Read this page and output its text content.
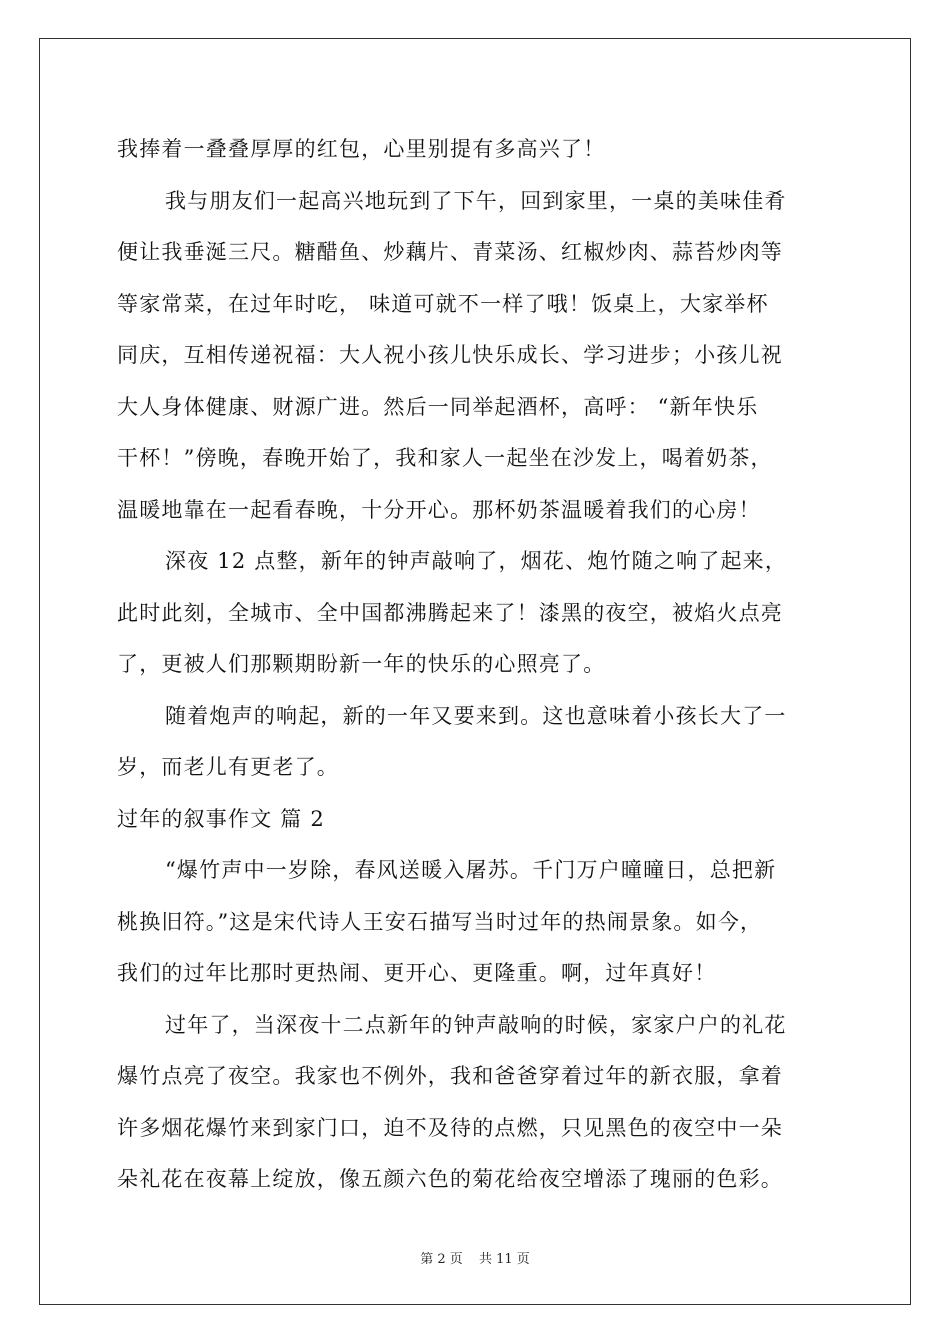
我捧着一叠叠厚厚的红包，心里别提有多高兴了！
我与朋友们一起高兴地玩到了下午，回到家里，一桌的美味佳肴
便让我垂涎三尺。糖醋鱼、炒藕片、青菜汤、红椒炒肉、蒜苔炒肉等
等家常菜，在过年时吃， 味道可就不一样了哦！饭桌上，大家举杯
同庆，互相传递祝福：大人祝小孩儿快乐成长、学习进步；小孩儿祝
大人身体健康、财源广进。然后一同举起酒杯，高呼： “新年快乐
干杯！”傍晚，春晚开始了，我和家人一起坐在沙发上，喝着奶茶，
温暖地靠在一起看春晚，十分开心。那杯奶茶温暖着我们的心房！
深夜 12 点整，新年的钟声敲响了，烟花、炮竹随之响了起来，
此时此刻，全城市、全中国都沸腾起来了！漆黑的夜空，被焰火点亮
了，更被人们那颗期盼新一年的快乐的心照亮了。
随着炮声的响起，新的一年又要来到。这也意味着小孩长大了一
岁，而老儿有更老了。
过年的叙事作文 篇 2
“爆竹声中一岁除，春风送暖入屠苏。千门万户曈曈日，总把新
桃换旧符。”这是宋代诗人王安石描写当时过年的热闹景象。如今，
我们的过年比那时更热闹、更开心、更隆重。啊，过年真好！
过年了，当深夜十二点新年的钟声敲响的时候，家家户户的礼花
爆竹点亮了夜空。我家也不例外，我和爸爸穿着过年的新衣服，拿着
许多烟花爆竹来到家门口，迫不及待的点燃，只见黑色的夜空中一朵
朵礼花在夜幕上绽放，像五颜六色的菊花给夜空增添了瑰丽的色彩。
第 2 页 共 11 页
